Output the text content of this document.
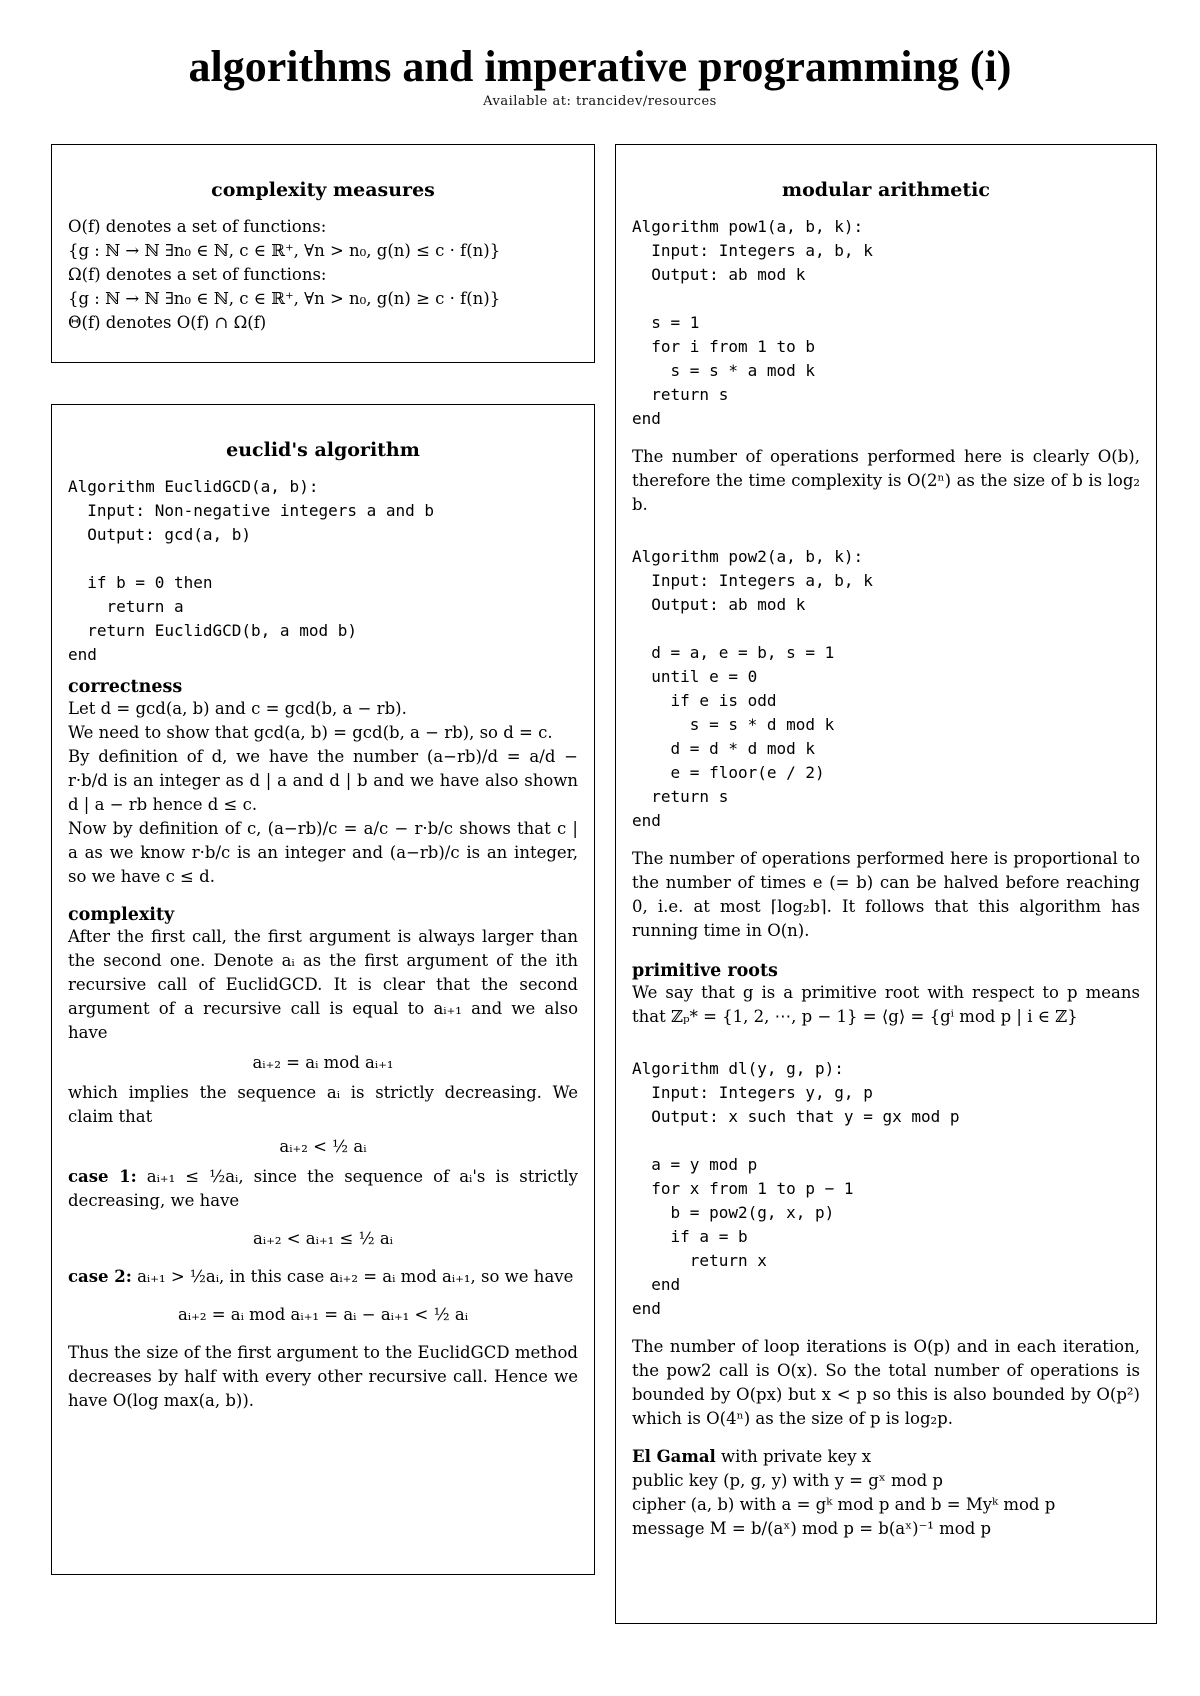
algorithms and imperative programming (i)
Available at: trancidev/resources
complexity measures
O(f) denotes a set of functions:
{g : ℕ → ℕ ∃n₀ ∈ ℕ, c ∈ ℝ⁺, ∀n > n₀, g(n) ≤ c · f(n)}
Ω(f) denotes a set of functions:
{g : ℕ → ℕ ∃n₀ ∈ ℕ, c ∈ ℝ⁺, ∀n > n₀, g(n) ≥ c · f(n)}
Θ(f) denotes O(f) ∩ Ω(f)
euclid's algorithm
Algorithm EuclidGCD(a, b):
Input: Non-negative integers a and b
Output: gcd(a, b)

if b = 0 then
return a
return EuclidGCD(b, a mod b)
end
correctness
Let d = gcd(a, b) and c = gcd(b, a − rb).
We need to show that gcd(a, b) = gcd(b, a − rb), so d = c.
By definition of d, we have the number (a−rb)/d = a/d − r·b/d is an integer as d | a and d | b and we have also shown d | a − rb hence d ≤ c.
Now by definition of c, (a−rb)/c = a/c − r·b/c shows that c | a as we know r·b/c is an integer and (a−rb)/c is an integer, so we have c ≤ d.
complexity
After the first call, the first argument is always larger than the second one. Denote aᵢ as the first argument of the ith recursive call of EuclidGCD. It is clear that the second argument of a recursive call is equal to aᵢ₊₁ and we also have
aᵢ₊₂ = aᵢ mod aᵢ₊₁
which implies the sequence aᵢ is strictly decreasing. We claim that
aᵢ₊₂ < ½ aᵢ
case 1: aᵢ₊₁ ≤ ½aᵢ, since the sequence of aᵢ's is strictly decreasing, we have
aᵢ₊₂ < aᵢ₊₁ ≤ ½ aᵢ
case 2: aᵢ₊₁ > ½aᵢ, in this case aᵢ₊₂ = aᵢ mod aᵢ₊₁, so we have
aᵢ₊₂ = aᵢ mod aᵢ₊₁ = aᵢ − aᵢ₊₁ < ½ aᵢ
Thus the size of the first argument to the EuclidGCD method decreases by half with every other recursive call. Hence we have O(log max(a, b)).
modular arithmetic
Algorithm pow1(a, b, k):
Input: Integers a, b, k
Output: ab mod k

s = 1
for i from 1 to b
s = s * a mod k
return s
end
The number of operations performed here is clearly O(b), therefore the time complexity is O(2ⁿ) as the size of b is log₂ b.
Algorithm pow2(a, b, k):
Input: Integers a, b, k
Output: ab mod k

d = a, e = b, s = 1
until e = 0
if e is odd
s = s * d mod k
d = d * d mod k
e = floor(e / 2)
return s
end
The number of operations performed here is proportional to the number of times e (= b) can be halved before reaching 0, i.e. at most ⌈log₂b⌉. It follows that this algorithm has running time in O(n).
primitive roots
We say that g is a primitive root with respect to p means that ℤₚ* = {1, 2, ⋯, p − 1} = ⟨g⟩ = {gⁱ mod p | i ∈ ℤ}
Algorithm dl(y, g, p):
Input: Integers y, g, p
Output: x such that y = gx mod p

a = y mod p
for x from 1 to p − 1
b = pow2(g, x, p)
if a = b
return x
end
end
The number of loop iterations is O(p) and in each iteration, the pow2 call is O(x). So the total number of operations is bounded by O(px) but x < p so this is also bounded by O(p²) which is O(4ⁿ) as the size of p is log₂p.
El Gamal with private key x
public key (p, g, y) with y = gˣ mod p
cipher (a, b) with a = gᵏ mod p and b = Myᵏ mod p
message M = b/(aˣ) mod p = b(aˣ)⁻¹ mod p
